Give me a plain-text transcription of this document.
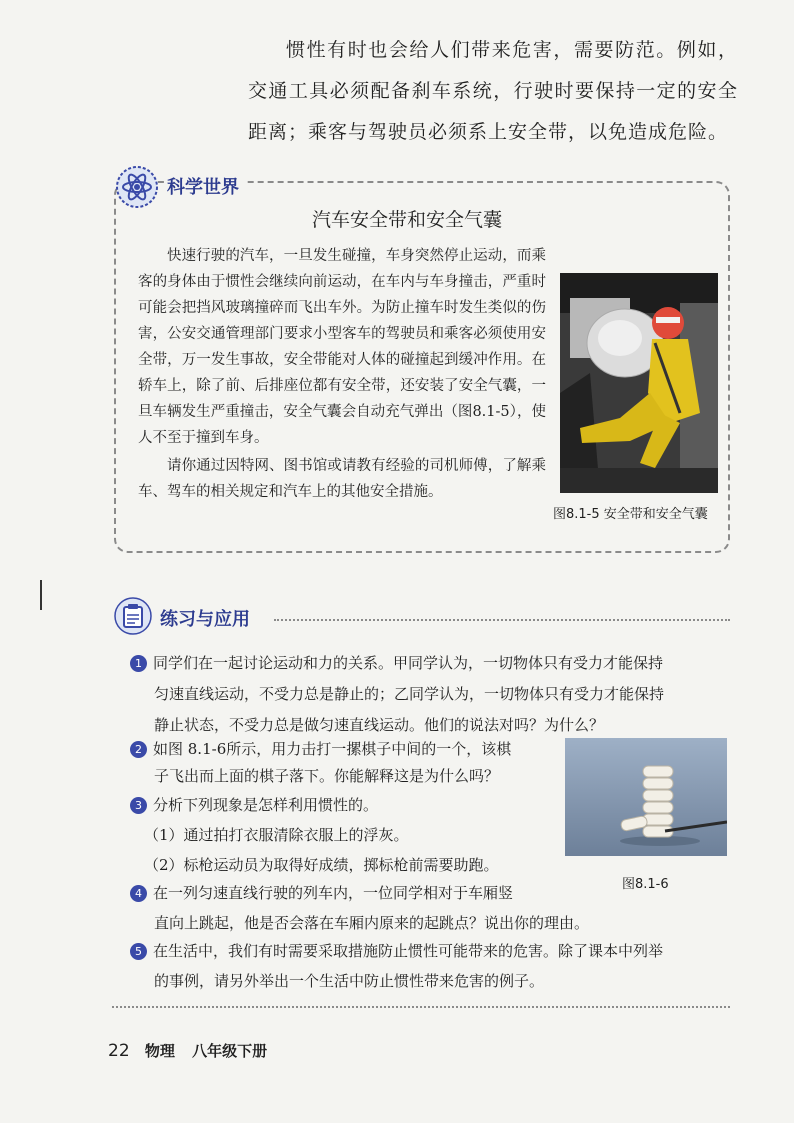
惯性有时也会给人们带来危害，需要防范。例如，交通工具必须配备刹车系统，行驶时要保持一定的安全距离；乘客与驾驶员必须系上安全带，以免造成危险。
科学世界
汽车安全带和安全气囊

快速行驶的汽车，一旦发生碰撞，车身突然停止运动，而乘客的身体由于惯性会继续向前运动，在车内与车身撞击，严重时可能会把挡风玻璃撞碎而飞出车外。为防止撞车时发生类似的伤害，公安交通管理部门要求小型客车的驾驶员和乘客必须使用安全带，万一发生事故，安全带能对人体的碰撞起到缓冲作用。在轿车上，除了前、后排座位都有安全带，还安装了安全气囊，一旦车辆发生严重撞击，安全气囊会自动充气弹出（图8.1-5），使人不至于撞到车身。

请你通过因特网、图书馆或请教有经验的司机师傅，了解乘车、驾车的相关规定和汽车上的其他安全措施。

图8.1-5 安全带和安全气囊
练习与应用
1 同学们在一起讨论运动和力的关系。甲同学认为，一切物体只有受力才能保持
匀速直线运动，不受力总是静止的；乙同学认为，一切物体只有受力才能保持
静止状态，不受力总是做匀速直线运动。他们的说法对吗？为什么？
2 如图 8.1-6所示，用力击打一摞棋子中间的一个，该棋
子飞出而上面的棋子落下。你能解释这是为什么吗？
3 分析下列现象是怎样利用惯性的。
（1）通过拍打衣服清除衣服上的浮灰。
（2）标枪运动员为取得好成绩，掷标枪前需要助跑。
4 在一列匀速直线行驶的列车内，一位同学相对于车厢竖
直向上跳起，他是否会落在车厢内原来的起跳点？说出你的理由。
5 在生活中，我们有时需要采取措施防止惯性可能带来的危害。除了课本中列举
的事例，请另外举出一个生活中防止惯性带来危害的例子。
图8.1-6
22 物理 八年级下册
